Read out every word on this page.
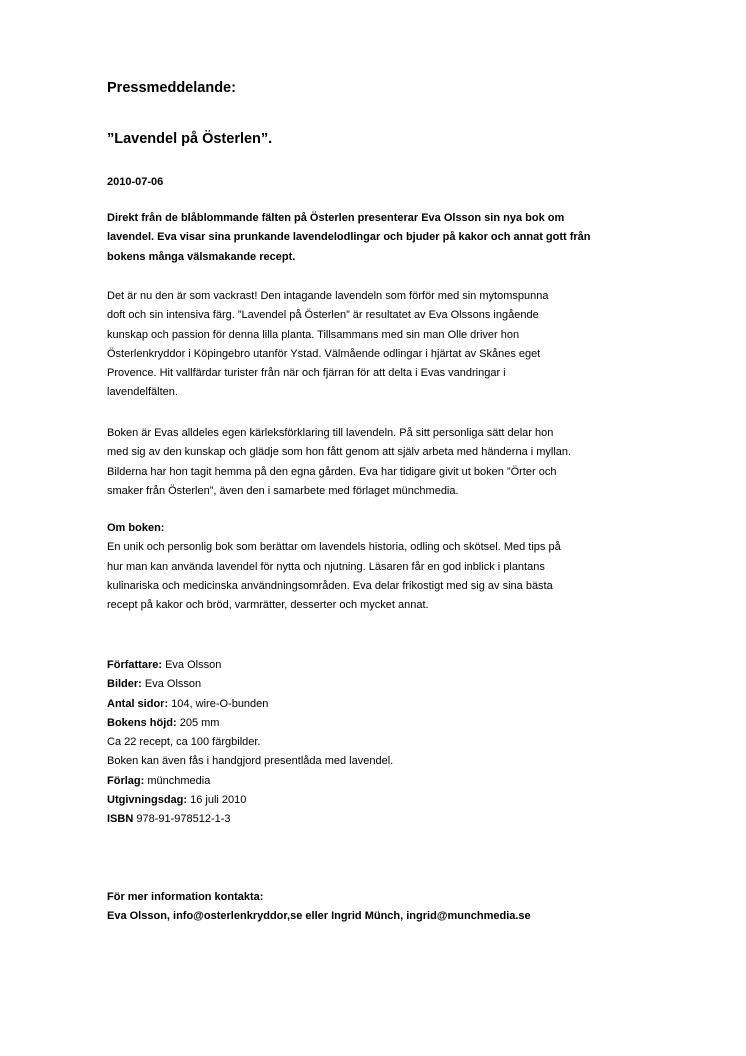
Pressmeddelande:
”Lavendel på Österlen”.

2010-07-06

Direkt från de blåblommande fälten på Österlen presenterar Eva Olsson sin nya bok om
lavendel. Eva visar sina prunkande lavendelodlingar och bjuder på kakor och annat gott från
bokens många välsmakande recept.

Det är nu den är som vackrast! Den intagande lavendeln som förför med sin mytomspunna
doft och sin intensiva färg. ”Lavendel på Österlen” är resultatet av Eva Olssons ingående
kunskap och passion för denna lilla planta. Tillsammans med sin man Olle driver hon
Österlenkryddor i Köpingebro utanför Ystad. Välmående odlingar i hjärtat av Skånes eget
Provence. Hit vallfärdar turister från när och fjärran för att delta i Evas vandringar i
lavendelfälten.

Boken är Evas alldeles egen kärleksförklaring till lavendeln. På sitt personliga sätt delar hon
med sig av den kunskap och glädje som hon fått genom att själv arbeta med händerna i myllan.
Bilderna har hon tagit hemma på den egna gården. Eva har tidigare givit ut boken ”Örter och
smaker från Österlen”, även den i samarbete med förlaget münchmedia.

Om boken:
En unik och personlig bok som berättar om lavendels historia, odling och skötsel. Med tips på
hur man kan använda lavendel för nytta och njutning. Läsaren får en god inblick i plantans
kulinariska och medicinska användningsområden. Eva delar frikostigt med sig av sina bästa
recept på kakor och bröd, varmrätter, desserter och mycket annat.

Författare: Eva Olsson
Bilder: Eva Olsson
Antal sidor: 104, wire-O-bunden
Bokens höjd: 205 mm
Ca 22 recept, ca 100 färgbilder.
Boken kan även fås i handgjord presentlåda med lavendel.
Förlag: münchmedia
Utgivningsdag: 16 juli 2010
ISBN 978-91-978512-1-3

För mer information kontakta:
Eva Olsson, info@osterlenkryddor,se eller Ingrid Münch, ingrid@munchmedia.se
